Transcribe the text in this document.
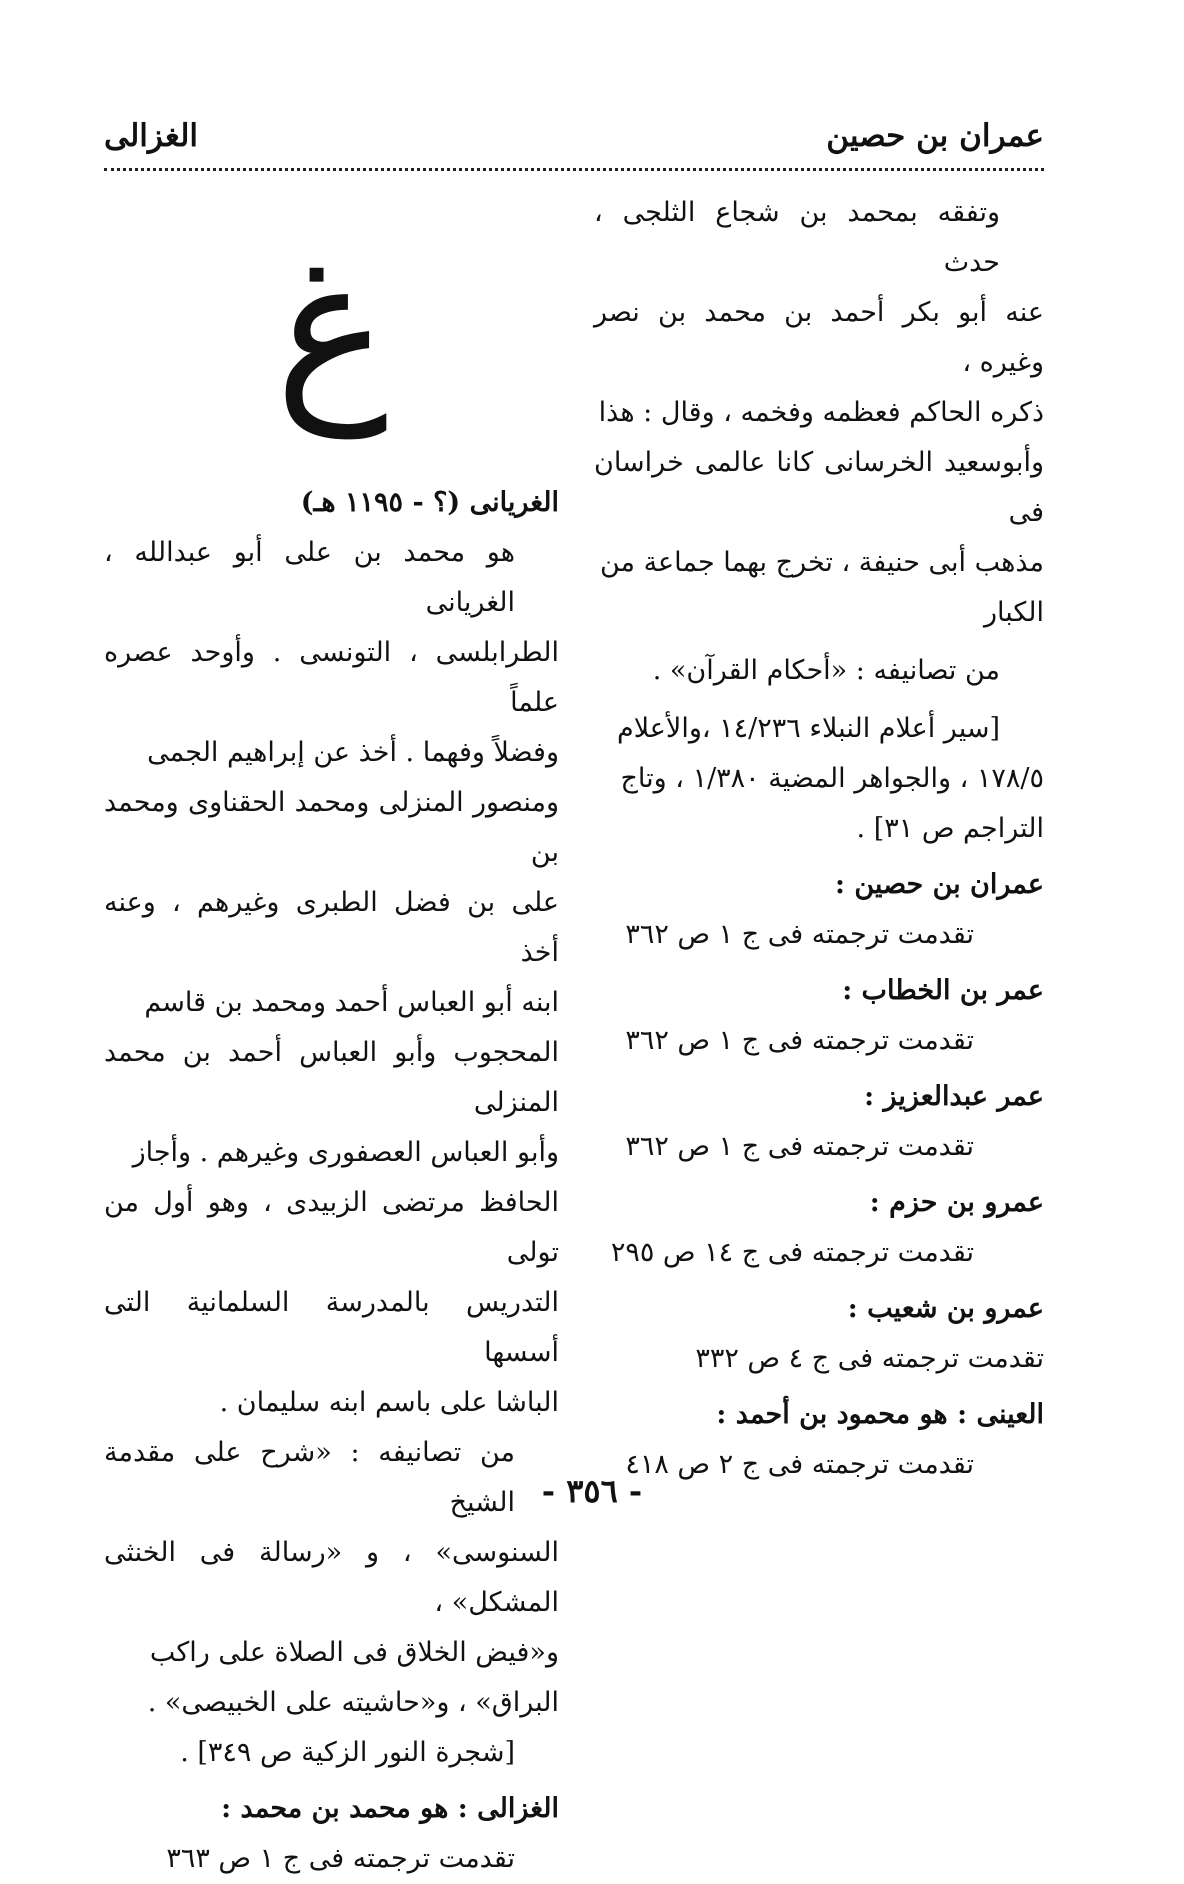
عمران بن حصين
الغزالى

وتفقه بمحمد بن شجاع الثلجى ، حدث

عنه أبو بكر أحمد بن محمد بن نصر وغيره ،

ذكره الحاكم فعظمه وفخمه ، وقال : هذا

وأبوسعيد الخرسانى كانا عالمى خراسان فى

مذهب أبى حنيفة ، تخرج بهما جماعة من

الكبار

من تصانيفه : «أحكام القرآن» .

[سير أعلام النبلاء ١٤/٢٣٦ ،والأعلام

١٧٨/٥ ، والجواهر المضية ١/٣٨٠ ، وتاج

التراجم ص ٣١] .

عمران بن حصين :

تقدمت ترجمته فى ج ١ ص ٣٦٢

عمر بن الخطاب :

تقدمت ترجمته فى ج ١ ص ٣٦٢

عمر عبدالعزيز :

تقدمت ترجمته فى ج ١ ص ٣٦٢

عمرو بن حزم :

تقدمت ترجمته فى ج ١٤ ص ٢٩٥

عمرو بن شعيب :

تقدمت ترجمته فى ج ٤ ص ٣٣٢

العينى : هو محمود بن أحمد :

تقدمت ترجمته فى ج ٢ ص ٤١٨

غ

الغريانى (؟ - ١١٩٥ هـ)

هو محمد بن على أبو عبدالله ، الغريانى

الطرابلسى ، التونسى . وأوحد عصره علماً

وفضلاً وفهما . أخذ عن إبراهيم الجمى

ومنصور المنزلى ومحمد الحقناوى ومحمد بن

على بن فضل الطبرى وغيرهم ، وعنه أخذ

ابنه أبو العباس أحمد ومحمد بن قاسم

المحجوب وأبو العباس أحمد بن محمد المنزلى

وأبو العباس العصفورى وغيرهم . وأجاز

الحافظ مرتضى الزبيدى ، وهو أول من تولى

التدريس بالمدرسة السلمانية التى أسسها

الباشا على باسم ابنه سليمان .

من تصانيفه : «شرح على مقدمة الشيخ

السنوسى» ، و «رسالة فى الخنثى المشكل» ،

و«فيض الخلاق فى الصلاة على راكب

البراق» ، و«حاشيته على الخبيصى» .

[شجرة النور الزكية ص ٣٤٩] .

الغزالى : هو محمد بن محمد :

تقدمت ترجمته فى ج ١ ص ٣٦٣

- ٣٥٦ -
